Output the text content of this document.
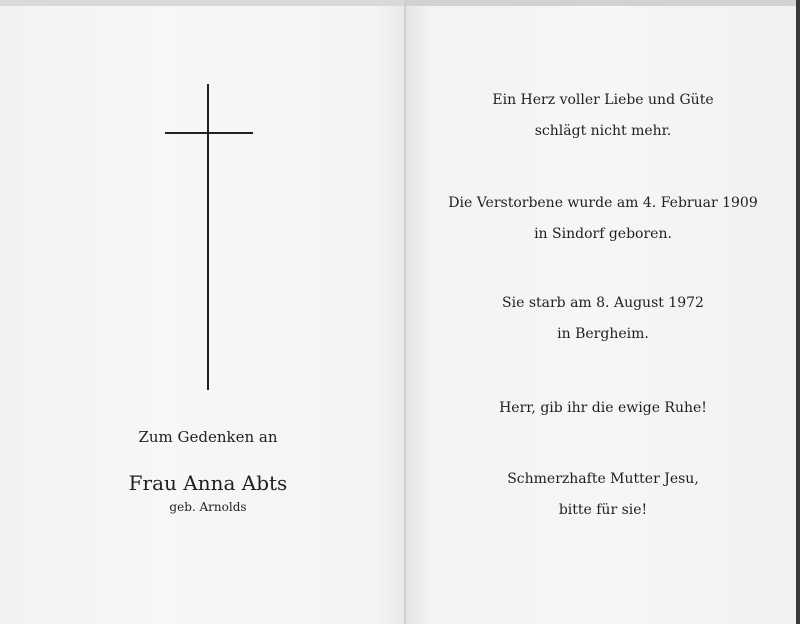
Zum Gedenken an
Frau Anna Abts
geb. Arnolds
Ein Herz voller Liebe und Güte
schlägt nicht mehr.
Die Verstorbene wurde am 4. Februar 1909
in Sindorf geboren.
Sie starb am 8. August 1972
in Bergheim.
Herr, gib ihr die ewige Ruhe!
Schmerzhafte Mutter Jesu,
bitte für sie!
